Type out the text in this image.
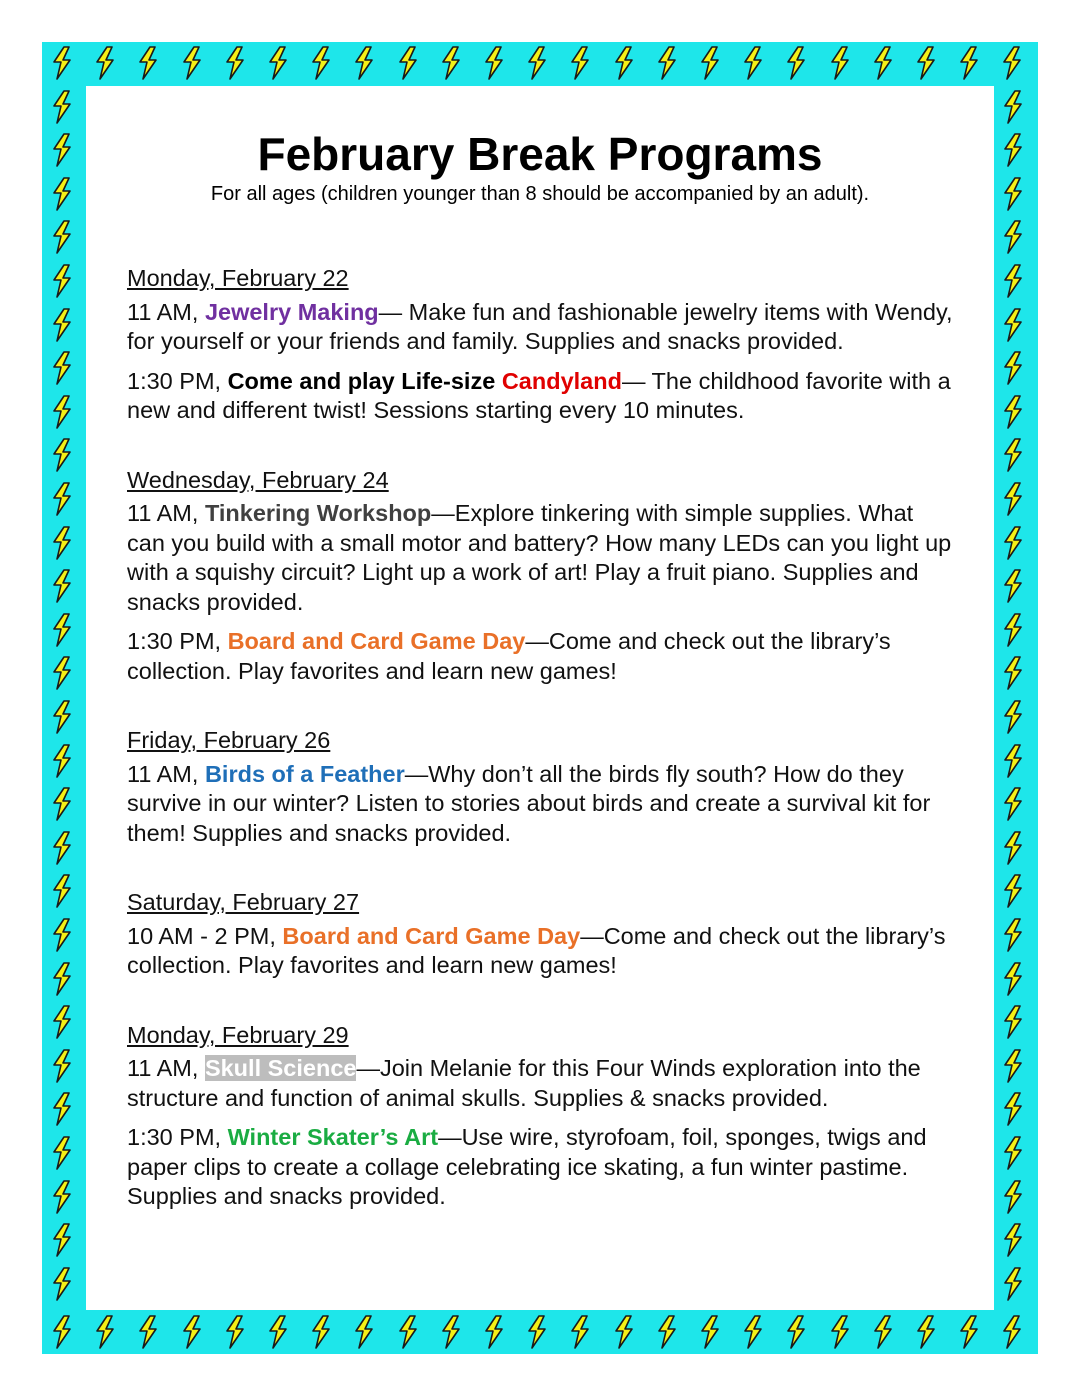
February Break Programs
For all ages (children younger than 8 should be accompanied by an adult).

Monday, February 22

11 AM, Jewelry Making— Make fun and fashionable jewelry items with Wendy, for yourself or your friends and family. Supplies and snacks provided.

1:30 PM, Come and play Life-size Candyland— The childhood favorite with a new and different twist! Sessions starting every 10 minutes.

Wednesday, February 24

11 AM, Tinkering Workshop—Explore tinkering with simple supplies. What can you build with a small motor and battery? How many LEDs can you light up with a squishy circuit? Light up a work of art! Play a fruit piano. Supplies and snacks provided.

1:30 PM, Board and Card Game Day—Come and check out the library’s collection. Play favorites and learn new games!

Friday, February 26

11 AM, Birds of a Feather—Why don’t all the birds fly south? How do they survive in our winter? Listen to stories about birds and create a survival kit for them! Supplies and snacks provided.

Saturday, February 27

10 AM - 2 PM, Board and Card Game Day—Come and check out the library’s collection. Play favorites and learn new games!

Monday, February 29

11 AM, Skull Science—Join Melanie for this Four Winds exploration into the structure and function of animal skulls. Supplies & snacks provided.

1:30 PM, Winter Skater’s Art—Use wire, styrofoam, foil, sponges, twigs and paper clips to create a collage celebrating ice skating, a fun winter pastime. Supplies and snacks provided.
